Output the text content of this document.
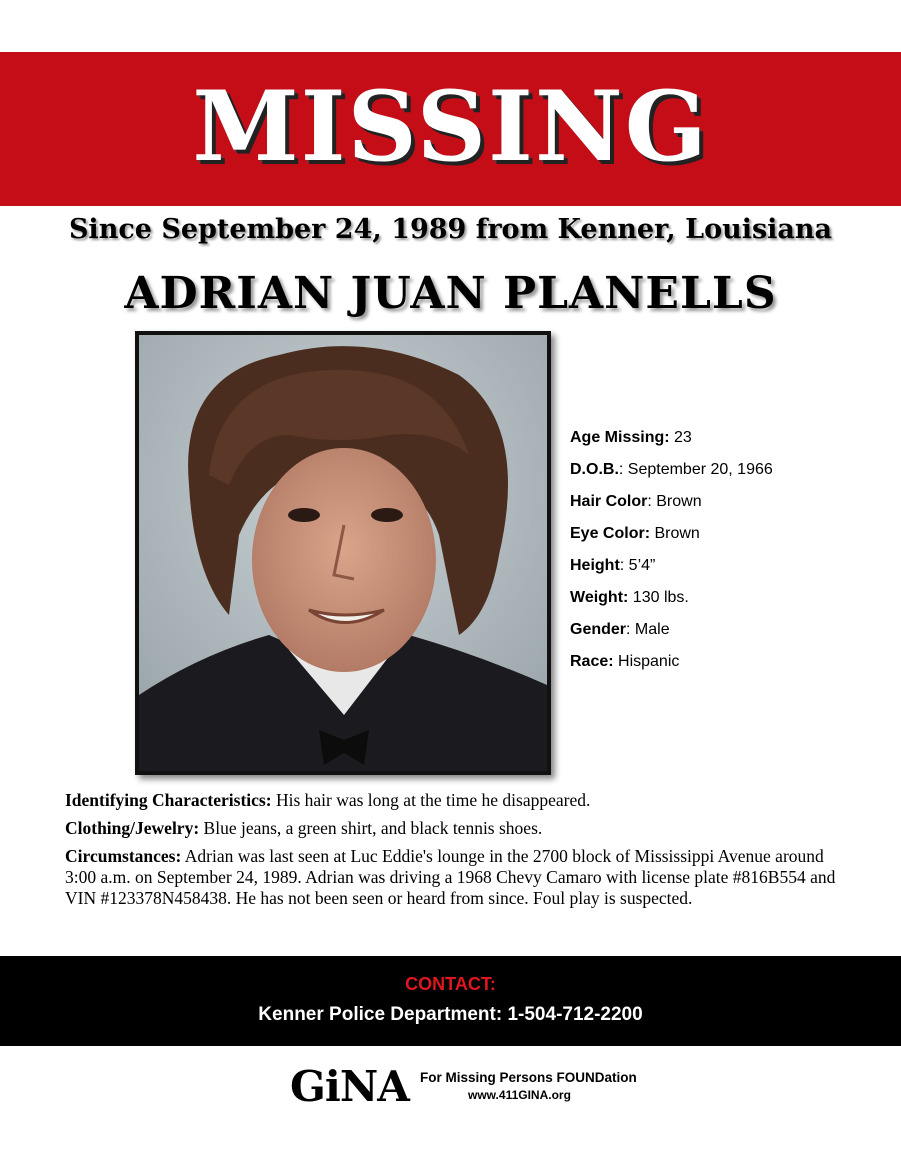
MISSING
Since September 24, 1989 from Kenner, Louisiana
ADRIAN JUAN PLANELLS
Age Missing: 23
D.O.B.: September 20, 1966
Hair Color: Brown
Eye Color: Brown
Height: 5’4”
Weight: 130 lbs.
Gender: Male
Race: Hispanic

Identifying Characteristics: His hair was long at the time he disappeared.

Clothing/Jewelry: Blue jeans, a green shirt, and black tennis shoes.

Circumstances: Adrian was last seen at Luc Eddie's lounge in the 2700 block of Mississippi Avenue around 3:00 a.m. on September 24, 1989. Adrian was driving a 1968 Chevy Camaro with license plate #816B554 and VIN #123378N458438. He has not been seen or heard from since. Foul play is suspected.

CONTACT:
Kenner Police Department: 1-504-712-2200
GiNA For Missing Persons FOUNDation
www.411GINA.org
